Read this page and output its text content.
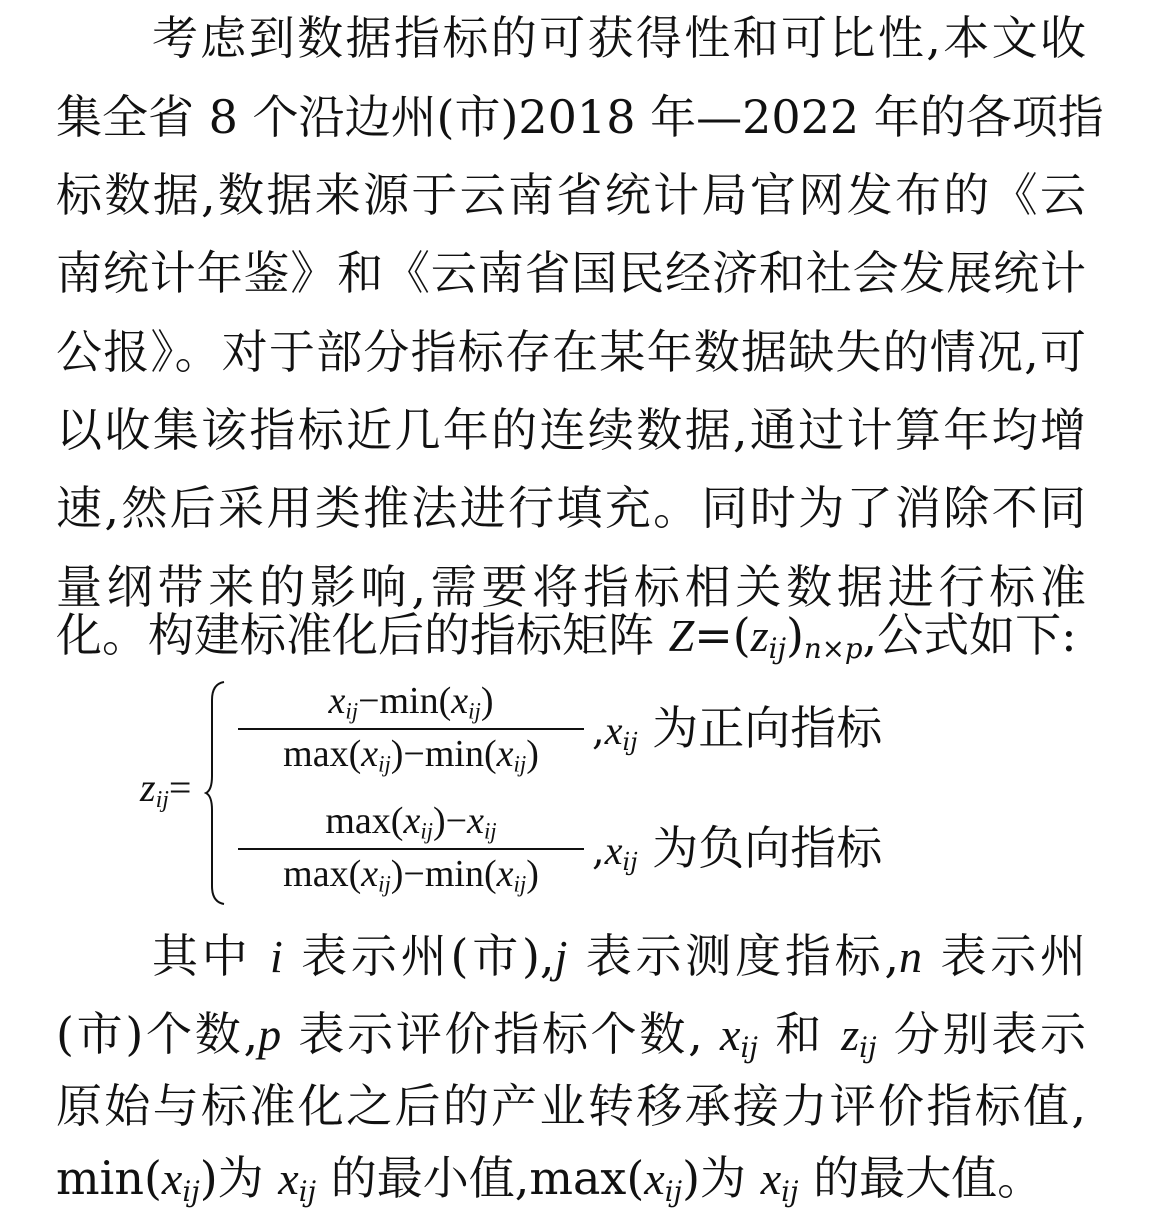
考虑到数据指标的可获得性和可比性,本文收
集全省 8 个沿边州(市)2018 年—2022 年的各项指
标数据,数据来源于云南省统计局官网发布的《云
南统计年鉴》和《云南省国民经济和社会发展统计
公报》。对于部分指标存在某年数据缺失的情况,可
以收集该指标近几年的连续数据,通过计算年均增
速,然后采用类推法进行填充。同时为了消除不同
量纲带来的影响,需要将指标相关数据进行标准
化。构建标准化后的指标矩阵 $Z=(z_{ij})_{n\times p}$,公式如下:
$z_{ij}=$
$x_{ij}-\min(x_{ij})$
$\max(x_{ij})-\min(x_{ij})$	$,x_{ij}$ 为正向指标
$\max(x_{ij})-x_{ij}$
$\max(x_{ij})-\min(x_{ij})$	$,x_{ij}$ 为负向指标
其中 i 表示州(市),j 表示测度指标,n 表示州
(市)个数,p 表示评价指标个数, $x_{ij}$ 和 $z_{ij}$ 分别表示
原始与标准化之后的产业转移承接力评价指标值,
$\min(x_{ij})$为 $x_{ij}$ 的最小值$,\max(x_{ij})$为 $x_{ij}$ 的最大值。
